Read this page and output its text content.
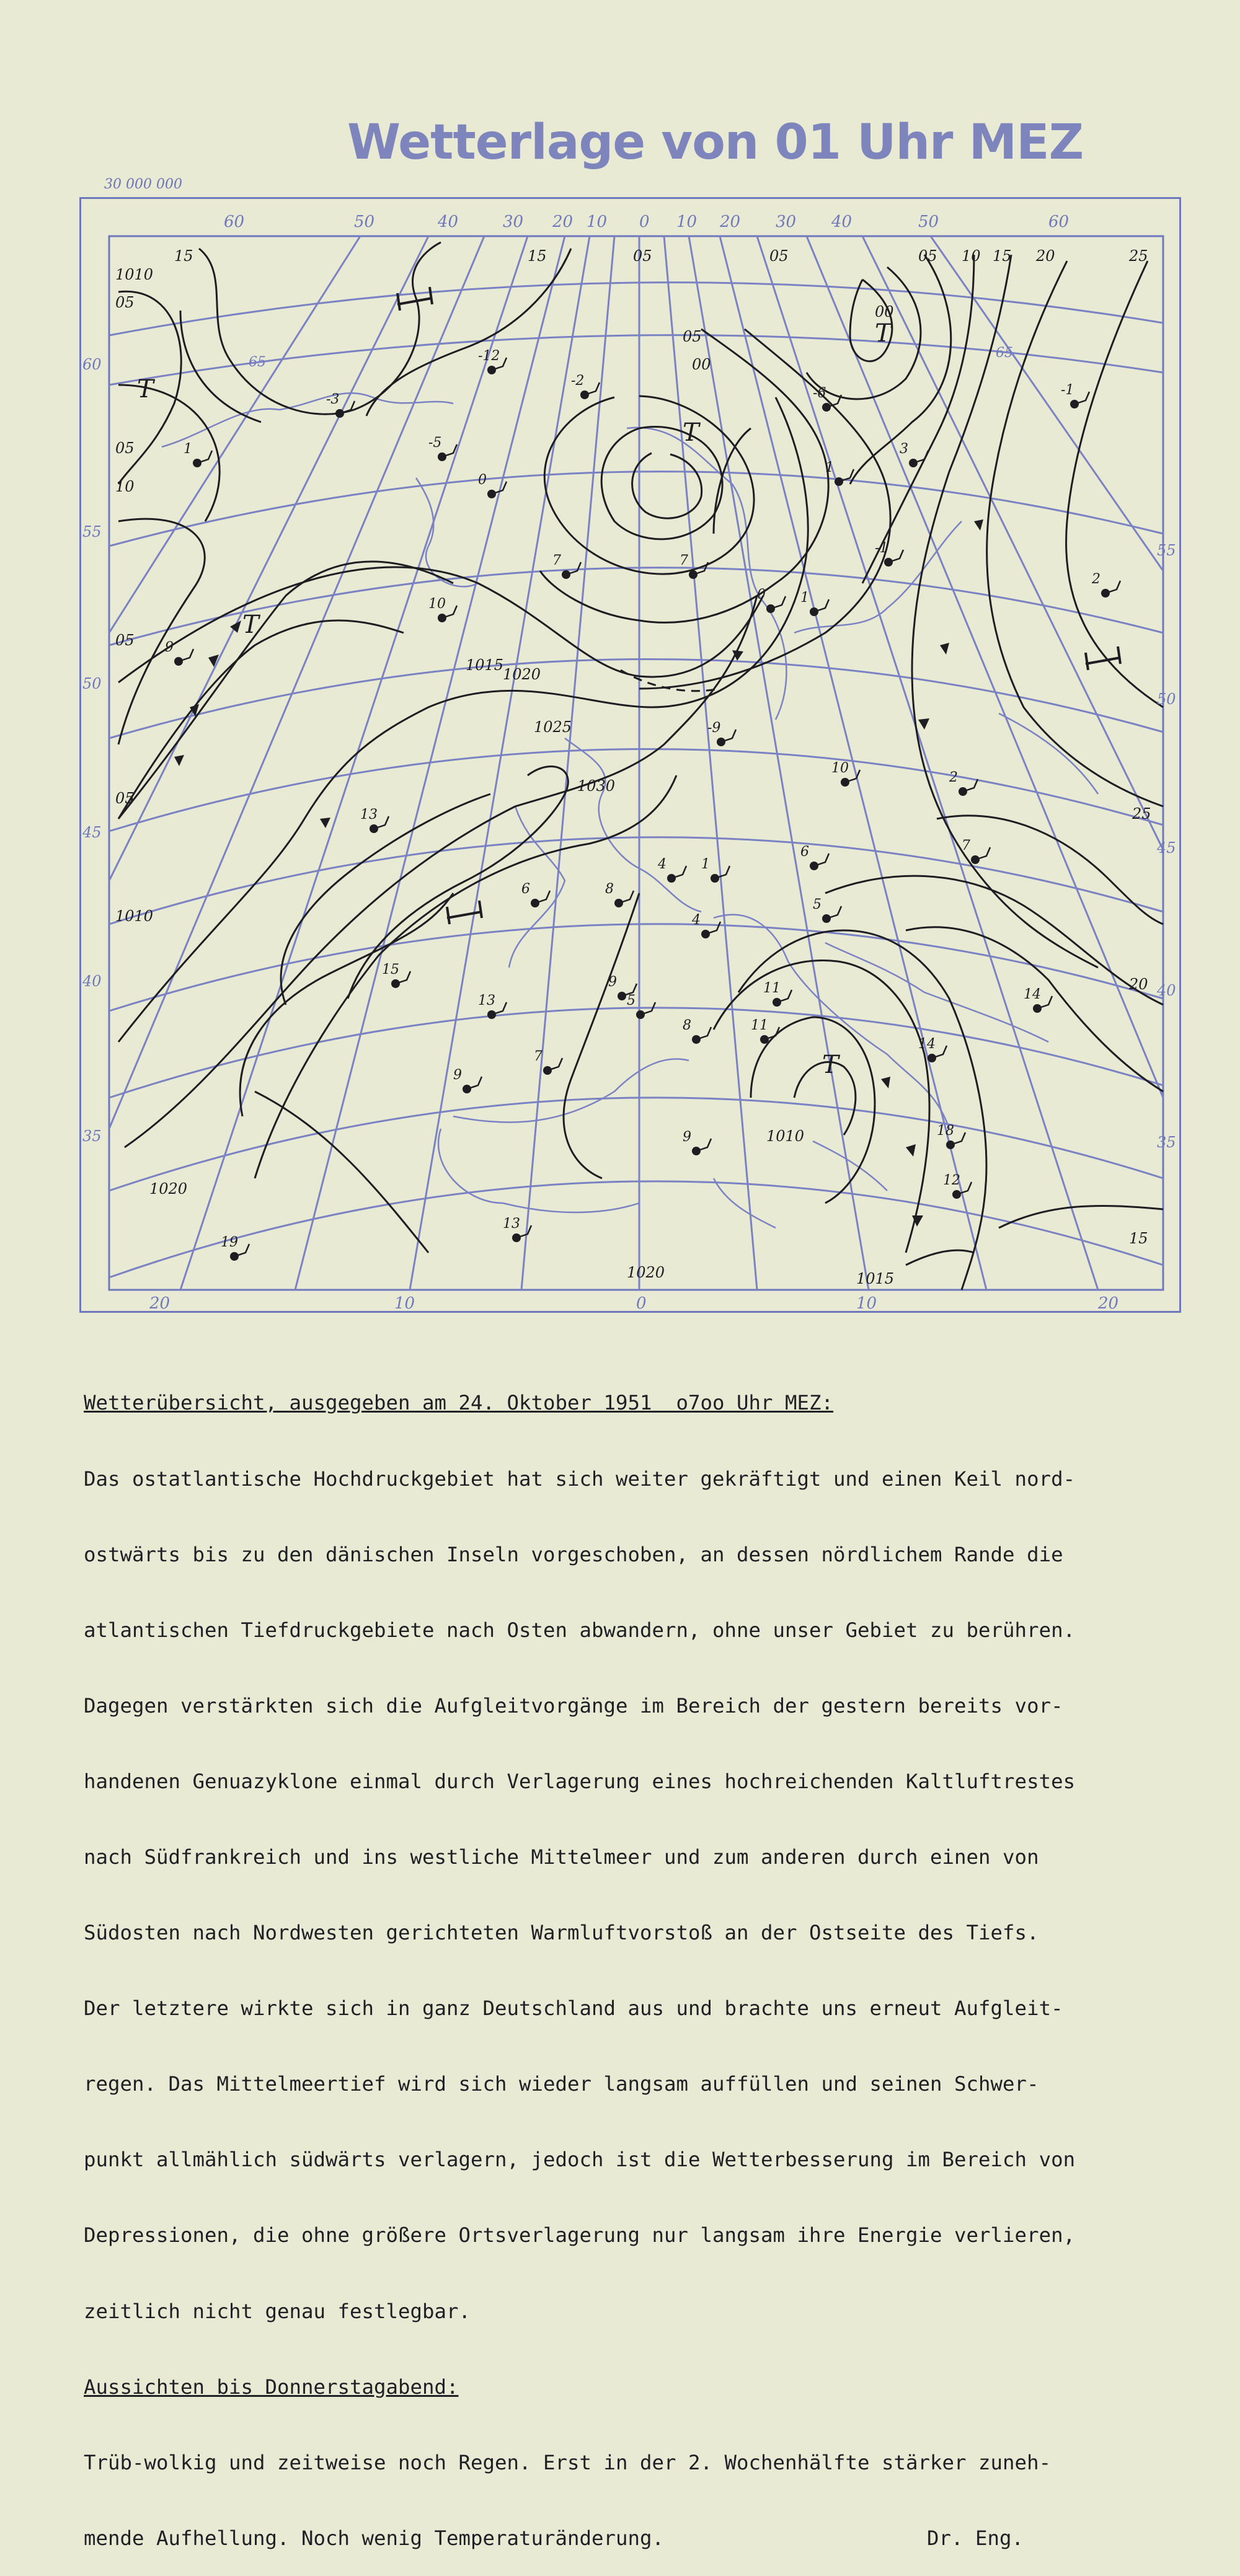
Wetterlage von 01 Uhr MEZ
30 000 000
60	50	40	30 20 10 0 10 20 30 40	50	60
20	10	0	10	20
60
55
50
45
40
35
55
50
45
40
35
65
65
1010
05
05
10
05
05
1010
1020
1015
1020
1025
1030
15	15	05	05
00
05
05 10 15 20	25
25
20
15
1010
1020	1015
00
T
T
T
T
T
-3
-12
-2
-6	-1
1	-5
0
7	7
-1
1
2
10
9
0
-9
10
2
13
7
6
1
4
6
7
8
9
5
4
11
15
13
9
5
8	11
14
14
9	18
12
13
19
3
1

Wetterübersicht, ausgegeben am 24. Oktober 1951  o7oo Uhr MEZ:

Das ostatlantische Hochdruckgebiet hat sich weiter gekräftigt und einen Keil nord-

ostwärts bis zu den dänischen Inseln vorgeschoben, an dessen nördlichem Rande die

atlantischen Tiefdruckgebiete nach Osten abwandern, ohne unser Gebiet zu berühren.

Dagegen verstärkten sich die Aufgleitvorgänge im Bereich der gestern bereits vor-

handenen Genuazyklone einmal durch Verlagerung eines hochreichenden Kaltluftrestes

nach Südfrankreich und ins westliche Mittelmeer und zum anderen durch einen von

Südosten nach Nordwesten gerichteten Warmluftvorstoß an der Ostseite des Tiefs.

Der letztere wirkte sich in ganz Deutschland aus und brachte uns erneut Aufgleit-

regen. Das Mittelmeertief wird sich wieder langsam auffüllen und seinen Schwer-

punkt allmählich südwärts verlagern, jedoch ist die Wetterbesserung im Bereich von

Depressionen, die ohne größere Ortsverlagerung nur langsam ihre Energie verlieren,

zeitlich nicht genau festlegbar.

Aussichten bis Donnerstagabend:

Trüb-wolkig und zeitweise noch Regen. Erst in der 2. Wochenhälfte stärker zuneh-

mende Aufhellung. Noch wenig Temperaturänderung.	Dr. Eng.
